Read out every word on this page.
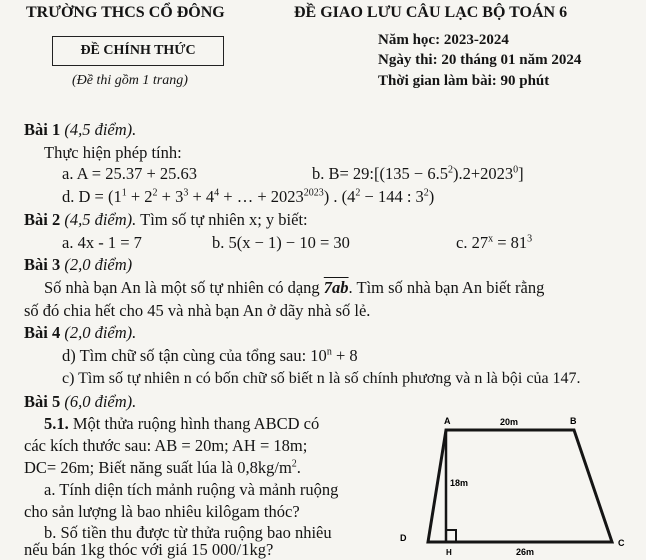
TRƯỜNG THCS CỔ ĐÔNG	ĐỀ GIAO LƯU CÂU LẠC BỘ TOÁN 6
ĐỀ CHÍNH THỨC
Năm học: 2023-2024
Ngày thi: 20 tháng 01 năm 2024
(Đề thi gồm 1 trang)	Thời gian làm bài: 90 phút
Bài 1 (4,5 điểm).
Thực hiện phép tính:
a. A = 25.37 + 25.63	b. B= 29:[(135 − $6.5^2).2+2023^0$]
d. $D = (1^1 + 2^2 + 3^3 + 4^4$ + … + $2023^{2023}$) . ($4^2 - 144$ : $3^2$)
Bài 2 (4,5 điểm). Tìm số tự nhiên x; y biết:
a. 4x - 1 = 7	b. 5(x − 1) − 10 = 30	c. $27^x = 81^3$
Bài 3 (2,0 điểm)
Số nhà bạn An là một số tự nhiên có dạng 7ab. Tìm số nhà bạn An biết rằng
số đó chia hết cho 45 và nhà bạn An ở dãy nhà số lẻ.
Bài 4 (2,0 điểm).
d) Tìm chữ số tận cùng của tổng sau: $10^n + 8$
c) Tìm số tự nhiên n có bốn chữ số biết n là số chính phương và n là bội của 147.
Bài 5 (6,0 điểm).
5.1. Một thửa ruộng hình thang ABCD có
các kích thước sau: AB = 20m; AH = 18m;
DC= 26m; Biết năng suất lúa là $0,8kg/m^2$.
a. Tính diện tích mảnh ruộng và mảnh ruộng
cho sản lượng là bao nhiêu kilôgam thóc?
b. Số tiền thu được từ thửa ruộng bao nhiêu
nếu bán 1kg thóc với giá 15 000/1kg?
A	B
C
D
H
20m
18m
26m
